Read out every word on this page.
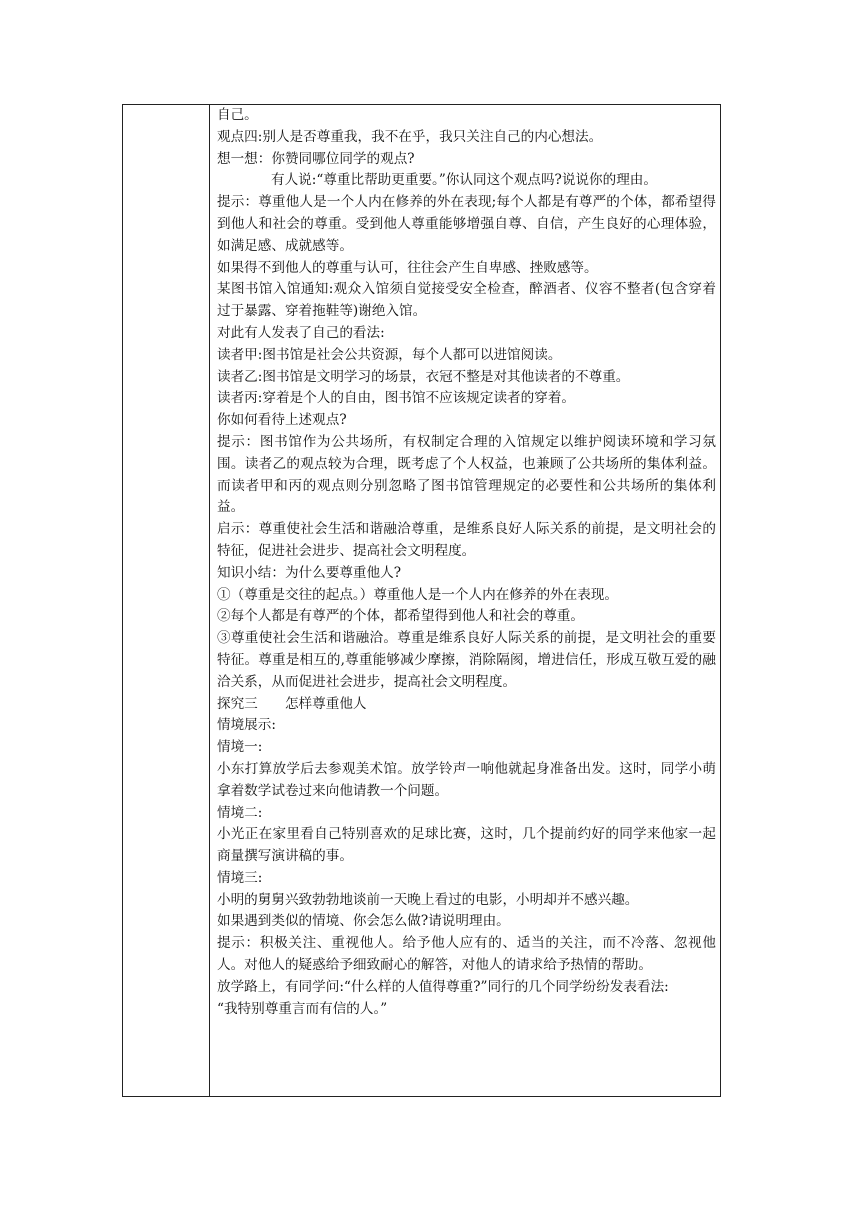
自己。

观点四:别人是否尊重我，我不在乎，我只关注自己的内心想法。

想一想：你赞同哪位同学的观点?

有人说:“尊重比帮助更重要。”你认同这个观点吗?说说你的理由。

提示：尊重他人是一个人内在修养的外在表现;每个人都是有尊严的个体，都希望得到他人和社会的尊重。受到他人尊重能够增强自尊、自信，产生良好的心理体验，如满足感、成就感等。

如果得不到他人的尊重与认可，往往会产生自卑感、挫败感等。

某图书馆入馆通知:观众入馆须自觉接受安全检查，醉酒者、仪容不整者(包含穿着过于暴露、穿着拖鞋等)谢绝入馆。

对此有人发表了自己的看法:

读者甲:图书馆是社会公共资源，每个人都可以进馆阅读。

读者乙:图书馆是文明学习的场景，衣冠不整是对其他读者的不尊重。

读者丙:穿着是个人的自由，图书馆不应该规定读者的穿着。

你如何看待上述观点?

提示：图书馆作为公共场所，有权制定合理的入馆规定以维护阅读环境和学习氛围。读者乙的观点较为合理，既考虑了个人权益，也兼顾了公共场所的集体利益。而读者甲和丙的观点则分别忽略了图书馆管理规定的必要性和公共场所的集体利益。

启示：尊重使社会生活和谐融洽尊重，是维系良好人际关系的前提，是文明社会的特征，促进社会进步、提高社会文明程度。

知识小结：为什么要尊重他人?

①（尊重是交往的起点。）尊重他人是一个人内在修养的外在表现。

②每个人都是有尊严的个体，都希望得到他人和社会的尊重。

③尊重使社会生活和谐融洽。尊重是维系良好人际关系的前提，是文明社会的重要特征。尊重是相互的,尊重能够减少摩擦，消除隔阂，增进信任，形成互敬互爱的融洽关系，从而促进社会进步，提高社会文明程度。

探究三　　怎样尊重他人

情境展示:

情境一:

小东打算放学后去参观美术馆。放学铃声一响他就起身准备出发。这时，同学小萌拿着数学试卷过来向他请教一个问题。

情境二:

小光正在家里看自己特别喜欢的足球比赛，这时，几个提前约好的同学来他家一起商量撰写演讲稿的事。

情境三:

小明的舅舅兴致勃勃地谈前一天晚上看过的电影，小明却并不感兴趣。

如果遇到类似的情境、你会怎么做?请说明理由。

提示：积极关注、重视他人。给予他人应有的、适当的关注，而不冷落、忽视他人。对他人的疑惑给予细致耐心的解答，对他人的请求给予热情的帮助。

放学路上，有同学问:“什么样的人值得尊重?”同行的几个同学纷纷发表看法:

“我特别尊重言而有信的人。”
